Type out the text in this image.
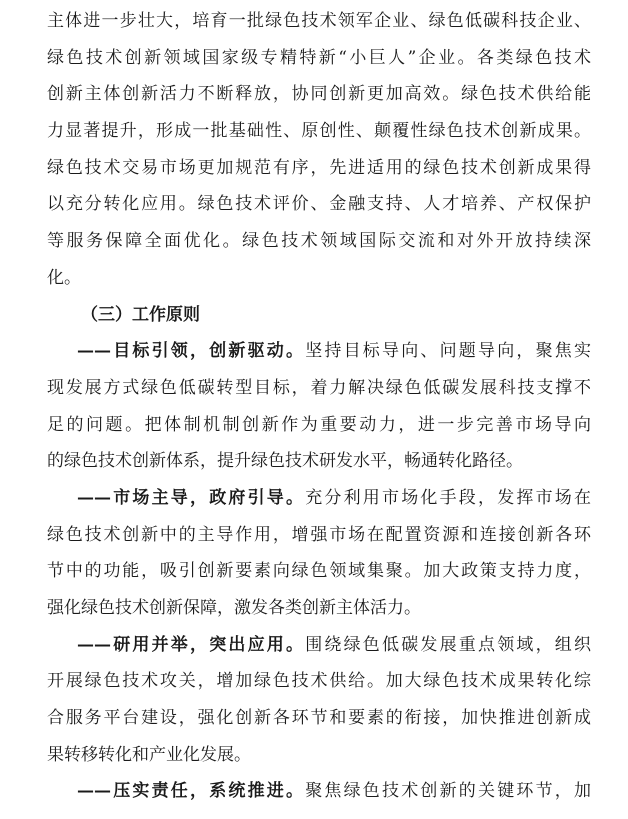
主体进一步壮大，培育一批绿色技术领军企业、绿色低碳科技企业、
绿色技术创新领域国家级专精特新“小巨人”企业。各类绿色技术
创新主体创新活力不断释放，协同创新更加高效。绿色技术供给能
力显著提升，形成一批基础性、原创性、颠覆性绿色技术创新成果。
绿色技术交易市场更加规范有序，先进适用的绿色技术创新成果得
以充分转化应用。绿色技术评价、金融支持、人才培养、产权保护
等服务保障全面优化。绿色技术领域国际交流和对外开放持续深
化。
（三）工作原则
——目标引领，创新驱动。坚持目标导向、问题导向，聚焦实
现发展方式绿色低碳转型目标，着力解决绿色低碳发展科技支撑不
足的问题。把体制机制创新作为重要动力，进一步完善市场导向
的绿色技术创新体系，提升绿色技术研发水平，畅通转化路径。
——市场主导，政府引导。充分利用市场化手段，发挥市场在
绿色技术创新中的主导作用，增强市场在配置资源和连接创新各环
节中的功能，吸引创新要素向绿色领域集聚。加大政策支持力度，
强化绿色技术创新保障，激发各类创新主体活力。
——研用并举，突出应用。围绕绿色低碳发展重点领域，组织
开展绿色技术攻关，增加绿色技术供给。加大绿色技术成果转化综
合服务平台建设，强化创新各环节和要素的衔接，加快推进创新成
果转移转化和产业化发展。
——压实责任，系统推进。聚焦绿色技术创新的关键环节，加
